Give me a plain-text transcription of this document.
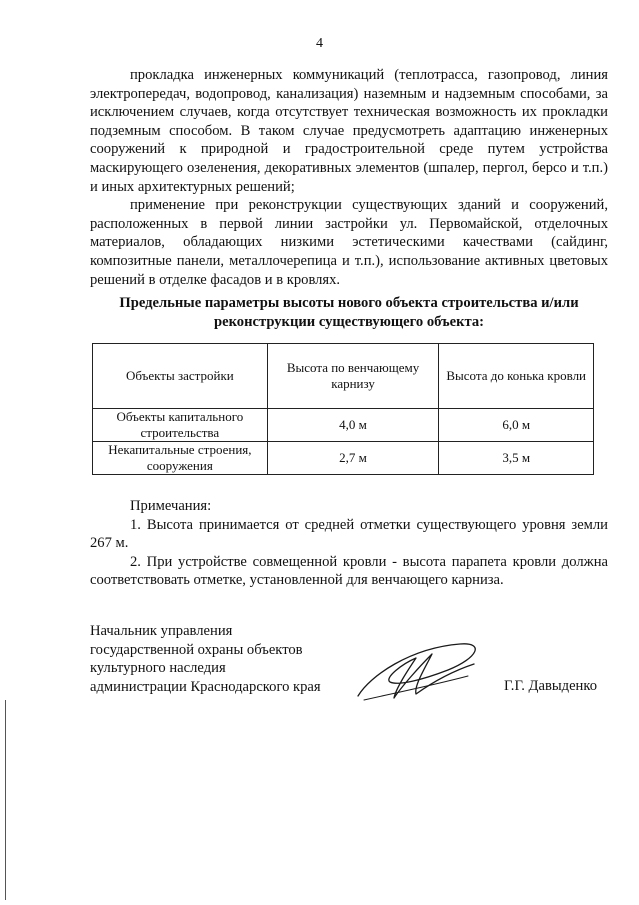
4

прокладка инженерных коммуникаций (теплотрасса, газопровод, линия электропередач, водопровод, канализация) наземным и надземным способами, за исключением случаев, когда отсутствует техническая возможность их прокладки подземным способом. В таком случае предусмотреть адаптацию инженерных сооружений к природной и градостроительной среде путем устройства маскирующего озеленения, декоративных элементов (шпалер, пергол, берсо и т.п.) и иных архитектурных решений;

применение при реконструкции существующих зданий и сооружений, расположенных в первой линии застройки ул. Первомайской, отделочных материалов, обладающих низкими эстетическими качествами (сайдинг, композитные панели, металлочерепица и т.п.), использование активных цветовых решений в отделке фасадов и в кровлях.

Предельные параметры высоты нового объекта строительства и/или реконструкции существующего объекта:

Объекты застройки	Высота по венчающему карнизу	Высота до конька кровли
Объекты капитального строительства	4,0 м	6,0 м
Некапитальные строения, сооружения	2,7 м	3,5 м

Примечания:

1. Высота принимается от средней отметки существующего уровня земли 267 м.

2. При устройстве совмещенной кровли - высота парапета кровли должна соответствовать отметке, установленной для венчающего карниза.

Начальник управления
государственной охраны объектов
культурного наследия
администрации Краснодарского края	Г.Г. Давыденко
